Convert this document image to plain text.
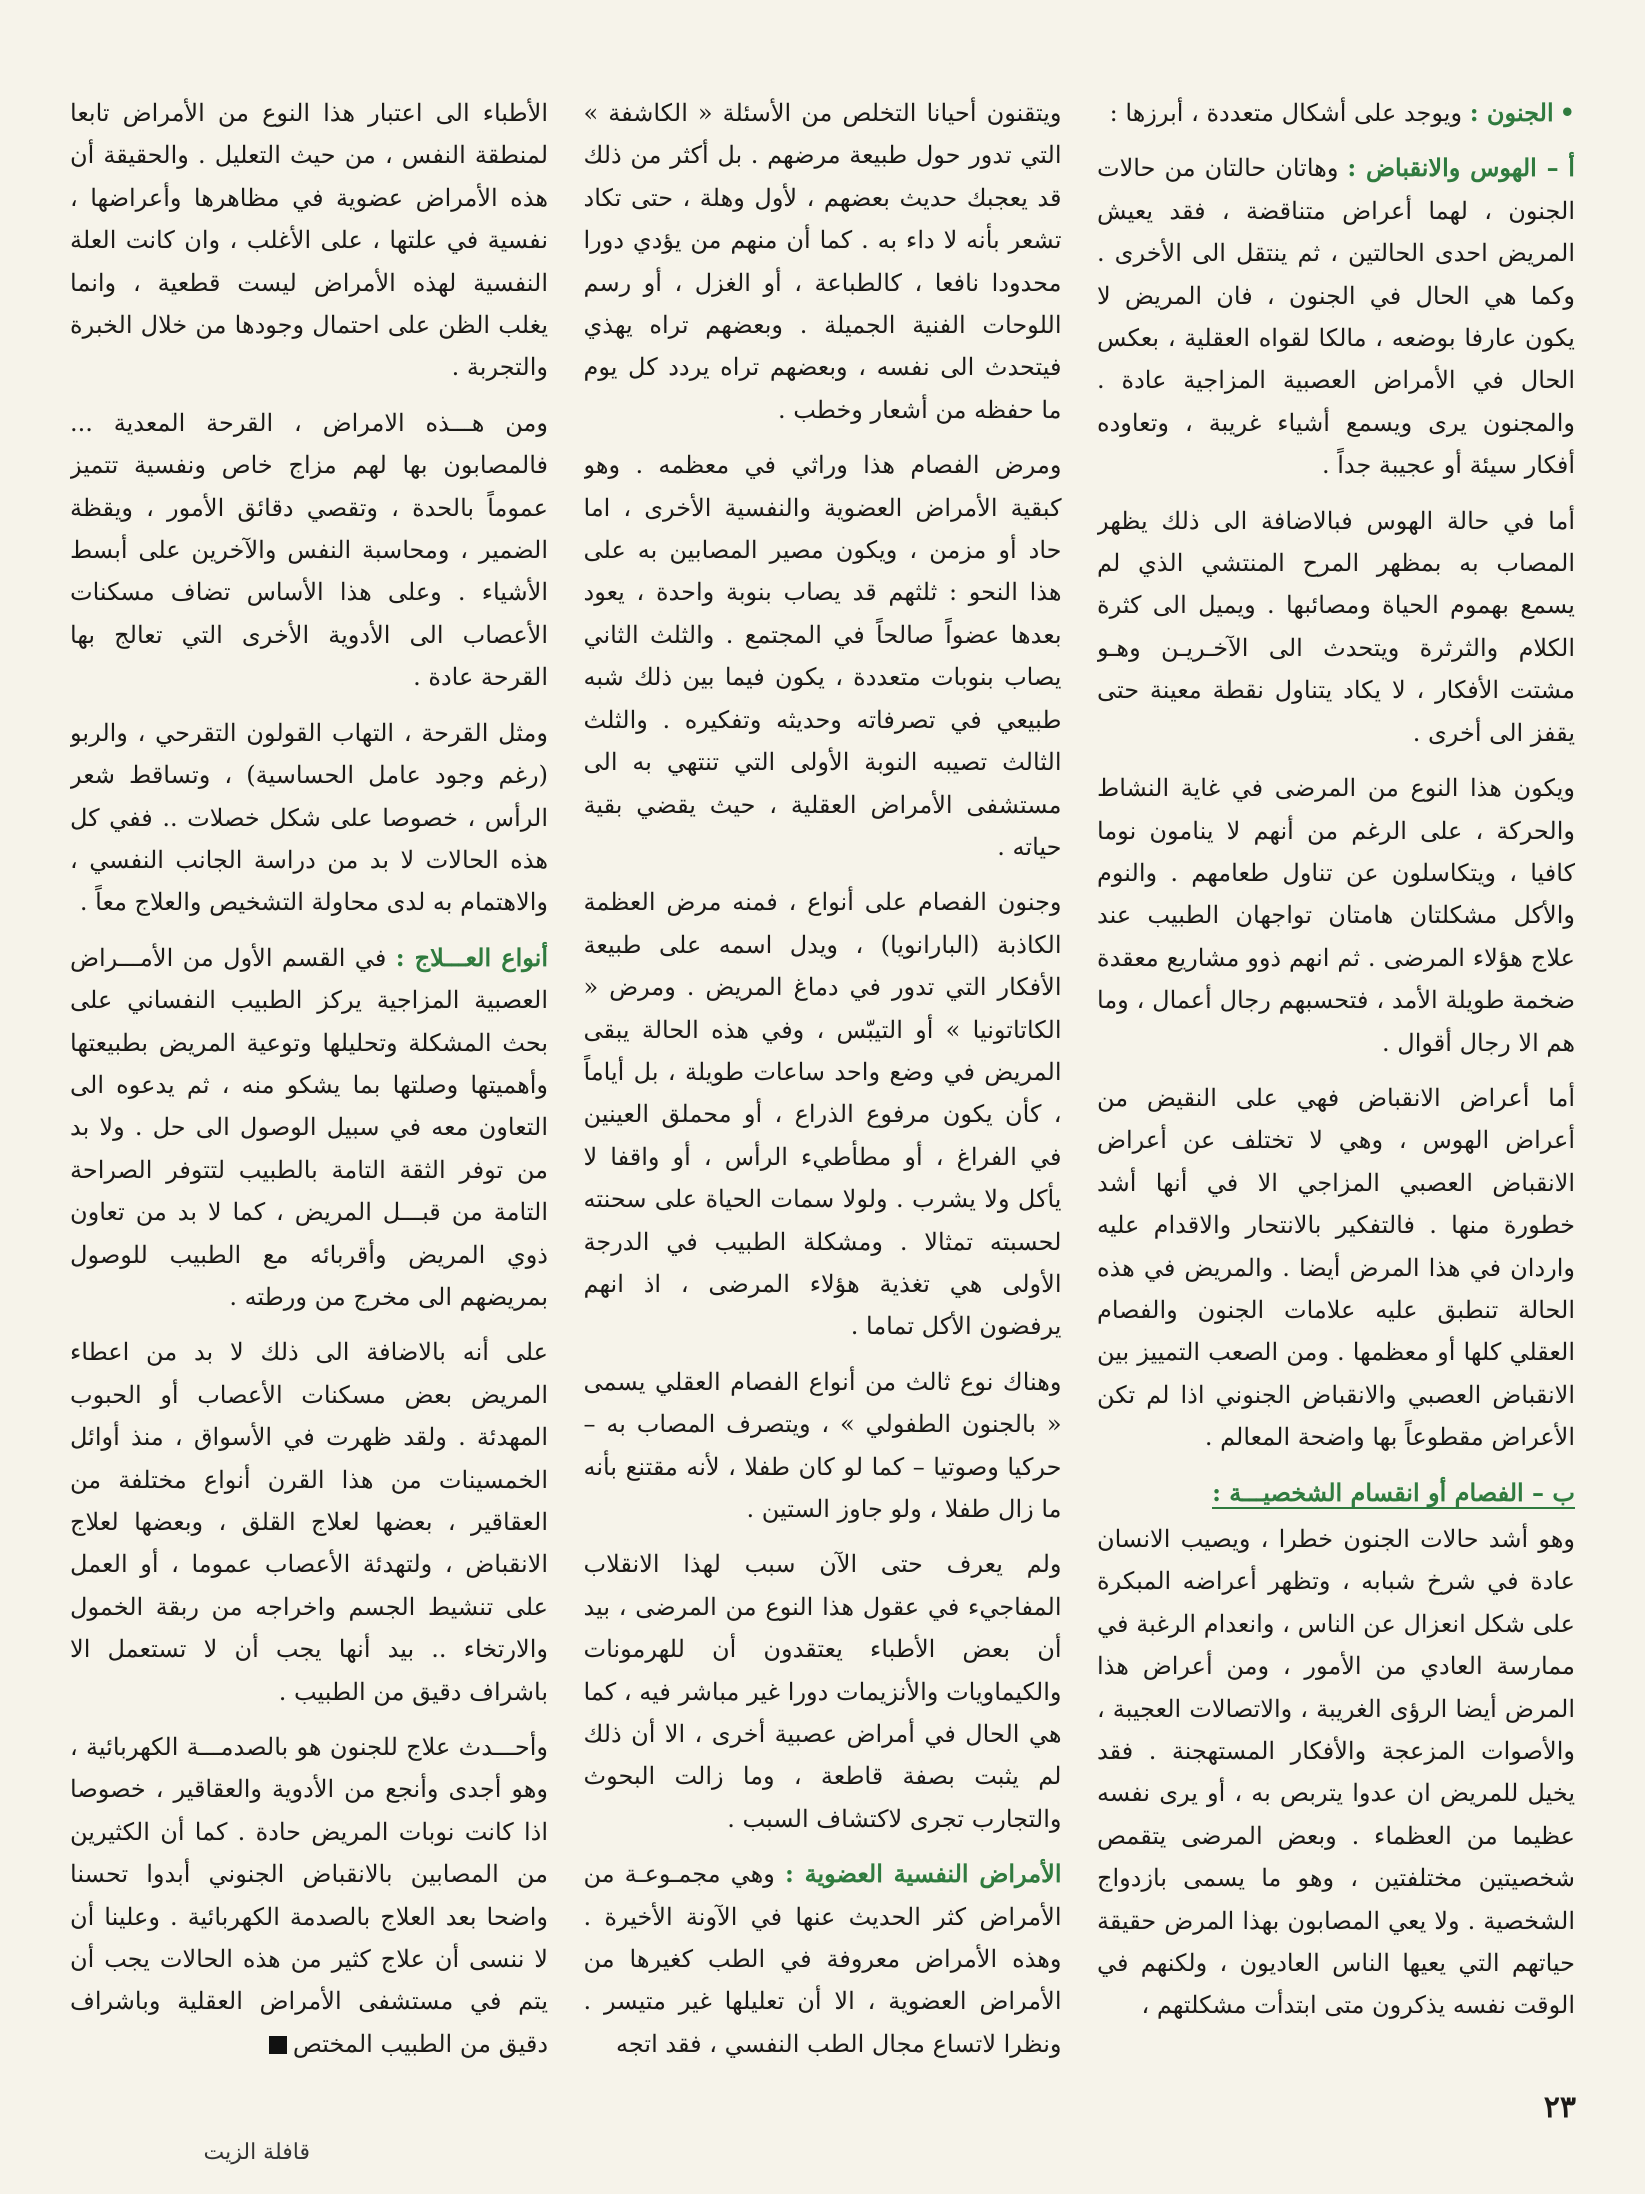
•الجنون : ويوجد على أشكال متعددة ، أبرزها :

أ – الهوس والانقباض : وهاتان حالتان من حالات الجنون ، لهما أعراض متناقضة ، فقد يعيش المريض احدى الحالتين ، ثم ينتقل الى الأخرى . وكما هي الحال في الجنون ، فان المريض لا يكون عارفا بوضعه ، مالكا لقواه العقلية ، بعكس الحال في الأمراض العصبية المزاجية عادة . والمجنون يرى ويسمع أشياء غريبة ، وتعاوده أفكار سيئة أو عجيبة جداً .

أما في حالة الهوس فبالاضافة الى ذلك يظهر المصاب به بمظهر المرح المنتشي الذي لم يسمع بهموم الحياة ومصائبها . ويميل الى كثرة الكلام والثرثرة ويتحدث الى الآخـريـن وهـو مشتت الأفكار ، لا يكاد يتناول نقطة معينة حتى يقفز الى أخرى .

ويكون هذا النوع من المرضى في غاية النشاط والحركة ، على الرغم من أنهم لا ينامون نوما كافيا ، ويتكاسلون عن تناول طعامهم . والنوم والأكل مشكلتان هامتان تواجهان الطبيب عند علاج هؤلاء المرضى . ثم انهم ذوو مشاريع معقدة ضخمة طويلة الأمد ، فتحسبهم رجال أعمال ، وما هم الا رجال أقوال .

أما أعراض الانقباض فهي على النقيض من أعراض الهوس ، وهي لا تختلف عن أعراض الانقباض العصبي المزاجي الا في أنها أشد خطورة منها . فالتفكير بالانتحار والاقدام عليه واردان في هذا المرض أيضا . والمريض في هذه الحالة تنطبق عليه علامات الجنون والفصام العقلي كلها أو معظمها . ومن الصعب التمييز بين الانقباض العصبي والانقباض الجنوني اذا لم تكن الأعراض مقطوعاً بها واضحة المعالم .

ب – الفصام أو انقسام الشخصيـــة :

وهو أشد حالات الجنون خطرا ، ويصيب الانسان عادة في شرخ شبابه ، وتظهر أعراضه المبكرة على شكل انعزال عن الناس ، وانعدام الرغبة في ممارسة العادي من الأمور ، ومن أعراض هذا المرض أيضا الرؤى الغريبة ، والاتصالات العجيبة ، والأصوات المزعجة والأفكار المستهجنة . فقد يخيل للمريض ان عدوا يتربص به ، أو يرى نفسه عظيما من العظماء . وبعض المرضى يتقمص شخصيتين مختلفتين ، وهو ما يسمى بازدواج الشخصية . ولا يعي المصابون بهذا المرض حقيقة حياتهم التي يعيها الناس العاديون ، ولكنهم في الوقت نفسه يذكرون متى ابتدأت مشكلتهم ،

ويتقنون أحيانا التخلص من الأسئلة « الكاشفة » التي تدور حول طبيعة مرضهم . بل أكثر من ذلك قد يعجبك حديث بعضهم ، لأول وهلة ، حتى تكاد تشعر بأنه لا داء به . كما أن منهم من يؤدي دورا محدودا نافعا ، كالطباعة ، أو الغزل ، أو رسم اللوحات الفنية الجميلة . وبعضهم تراه يهذي فيتحدث الى نفسه ، وبعضهم تراه يردد كل يوم ما حفظه من أشعار وخطب .

ومرض الفصام هذا وراثي في معظمه . وهو كبقية الأمراض العضوية والنفسية الأخرى ، اما حاد أو مزمن ، ويكون مصير المصابين به على هذا النحو : ثلثهم قد يصاب بنوبة واحدة ، يعود بعدها عضواً صالحاً في المجتمع . والثلث الثاني يصاب بنوبات متعددة ، يكون فيما بين ذلك شبه طبيعي في تصرفاته وحديثه وتفكيره . والثلث الثالث تصيبه النوبة الأولى التي تنتهي به الى مستشفى الأمراض العقلية ، حيث يقضي بقية حياته .

وجنون الفصام على أنواع ، فمنه مرض العظمة الكاذبة (البارانويا) ، ويدل اسمه على طبيعة الأفكار التي تدور في دماغ المريض . ومرض « الكاتاتونيا » أو التيبّس ، وفي هذه الحالة يبقى المريض في وضع واحد ساعات طويلة ، بل أياماً ، كأن يكون مرفوع الذراع ، أو محملق العينين في الفراغ ، أو مطأطيء الرأس ، أو واقفا لا يأكل ولا يشرب . ولولا سمات الحياة على سحنته لحسبته تمثالا . ومشكلة الطبيب في الدرجة الأولى هي تغذية هؤلاء المرضى ، اذ انهم يرفضون الأكل تماما .

وهناك نوع ثالث من أنواع الفصام العقلي يسمى « بالجنون الطفولي » ، ويتصرف المصاب به – حركيا وصوتيا – كما لو كان طفلا ، لأنه مقتنع بأنه ما زال طفلا ، ولو جاوز الستين .

ولم يعرف حتى الآن سبب لهذا الانقلاب المفاجيء في عقول هذا النوع من المرضى ، بيد أن بعض الأطباء يعتقدون أن للهرمونات والكيماويات والأنزيمات دورا غير مباشر فيه ، كما هي الحال في أمراض عصبية أخرى ، الا أن ذلك لم يثبت بصفة قاطعة ، وما زالت البحوث والتجارب تجرى لاكتشاف السبب .

الأمراض النفسية العضوية : وهي مجمـوعـة من الأمراض كثر الحديث عنها في الآونة الأخيرة . وهذه الأمراض معروفة في الطب كغيرها من الأمراض العضوية ، الا أن تعليلها غير متيسر . ونظرا لاتساع مجال الطب النفسي ، فقد اتجه

الأطباء الى اعتبار هذا النوع من الأمراض تابعا لمنطقة النفس ، من حيث التعليل . والحقيقة أن هذه الأمراض عضوية في مظاهرها وأعراضها ، نفسية في علتها ، على الأغلب ، وان كانت العلة النفسية لهذه الأمراض ليست قطعية ، وانما يغلب الظن على احتمال وجودها من خلال الخبرة والتجربة .

ومن هـــذه الامراض ، القرحة المعدية ... فالمصابون بها لهم مزاج خاص ونفسية تتميز عموماً بالحدة ، وتقصي دقائق الأمور ، ويقظة الضمير ، ومحاسبة النفس والآخرين على أبسط الأشياء . وعلى هذا الأساس تضاف مسكنات الأعصاب الى الأدوية الأخرى التي تعالج بها القرحة عادة .

ومثل القرحة ، التهاب القولون التقرحي ، والربو (رغم وجود عامل الحساسية) ، وتساقط شعر الرأس ، خصوصا على شكل خصلات .. ففي كل هذه الحالات لا بد من دراسة الجانب النفسي ، والاهتمام به لدى محاولة التشخيص والعلاج معاً .

أنواع العـــلاج : في القسم الأول من الأمـــراض العصبية المزاجية يركز الطبيب النفساني على بحث المشكلة وتحليلها وتوعية المريض بطبيعتها وأهميتها وصلتها بما يشكو منه ، ثم يدعوه الى التعاون معه في سبيل الوصول الى حل . ولا بد من توفر الثقة التامة بالطبيب لتتوفر الصراحة التامة من قبـــل المريض ، كما لا بد من تعاون ذوي المريض وأقربائه مع الطبيب للوصول بمريضهم الى مخرج من ورطته .

على أنه بالاضافة الى ذلك لا بد من اعطاء المريض بعض مسكنات الأعصاب أو الحبوب المهدئة . ولقد ظهرت في الأسواق ، منذ أوائل الخمسينات من هذا القرن أنواع مختلفة من العقاقير ، بعضها لعلاج القلق ، وبعضها لعلاج الانقباض ، ولتهدئة الأعصاب عموما ، أو العمل على تنشيط الجسم واخراجه من ربقة الخمول والارتخاء .. بيد أنها يجب أن لا تستعمل الا باشراف دقيق من الطبيب .

وأحـــدث علاج للجنون هو بالصدمـــة الكهربائية ، وهو أجدى وأنجع من الأدوية والعقاقير ، خصوصا اذا كانت نوبات المريض حادة . كما أن الكثيرين من المصابين بالانقباض الجنوني أبدوا تحسنا واضحا بعد العلاج بالصدمة الكهربائية . وعلينا أن لا ننسى أن علاج كثير من هذه الحالات يجب أن يتم في مستشفى الأمراض العقلية وباشراف دقيق من الطبيب المختص

٢٣
قافلة الزيت
